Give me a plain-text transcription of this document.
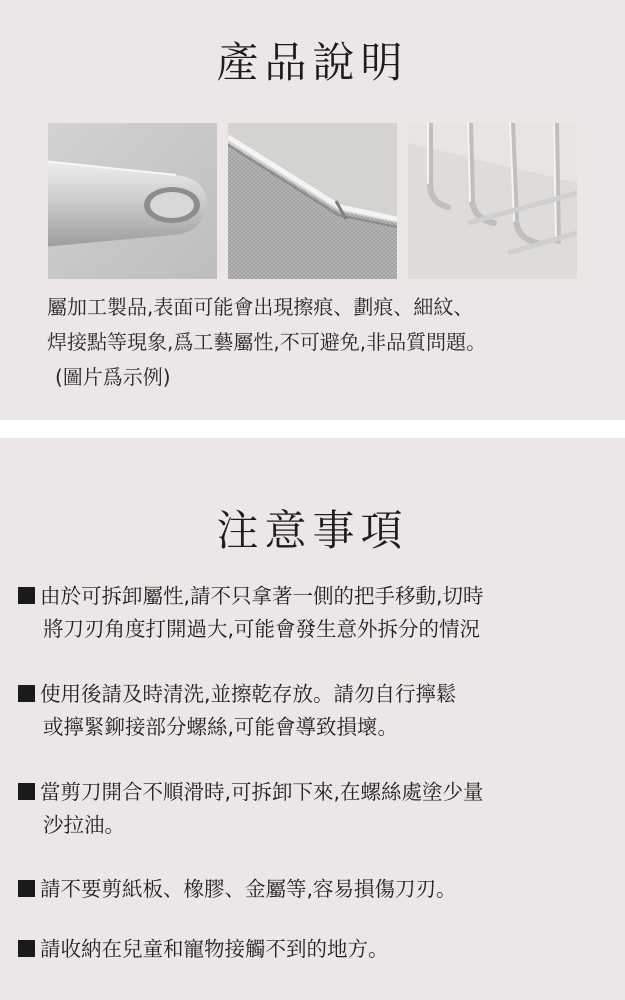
產品說明

屬加工製品,表面可能會出現擦痕、劃痕、細紋、
焊接點等現象,爲工藝屬性,不可避免,非品質問題。
(圖片爲示例)

注意事項
由於可拆卸屬性,請不只拿著一側的把手移動,切時
將刀刃角度打開過大,可能會發生意外拆分的情況
使用後請及時清洗,並擦乾存放。請勿自行擰鬆
或擰緊鉚接部分螺絲,可能會導致損壞。
當剪刀開合不順滑時,可拆卸下來,在螺絲處塗少量
沙拉油。
請不要剪紙板、橡膠、金屬等,容易損傷刀刃。
請收納在兒童和寵物接觸不到的地方。
